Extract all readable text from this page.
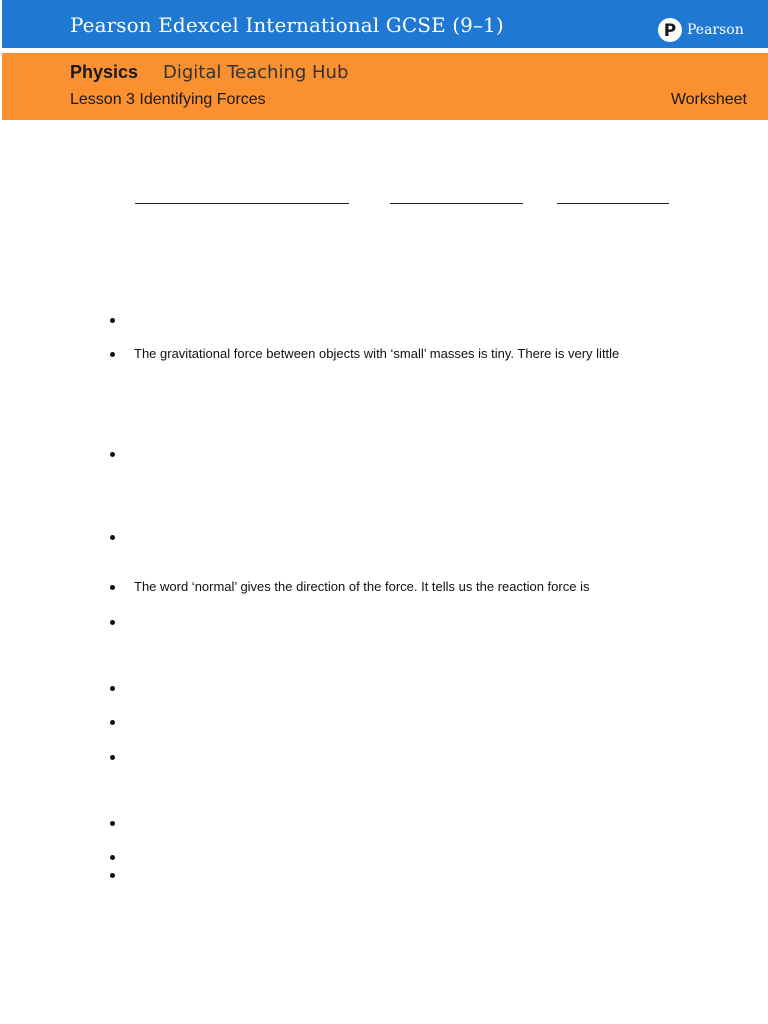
Pearson Edexcel International GCSE (9–1)	P Pearson
Physics Digital Teaching Hub
Lesson 3 Identifying Forces	Worksheet
The gravitational force between objects with ‘small’ masses is tiny. There is very little
The word ‘normal’ gives the direction of the force. It tells us the reaction force is
